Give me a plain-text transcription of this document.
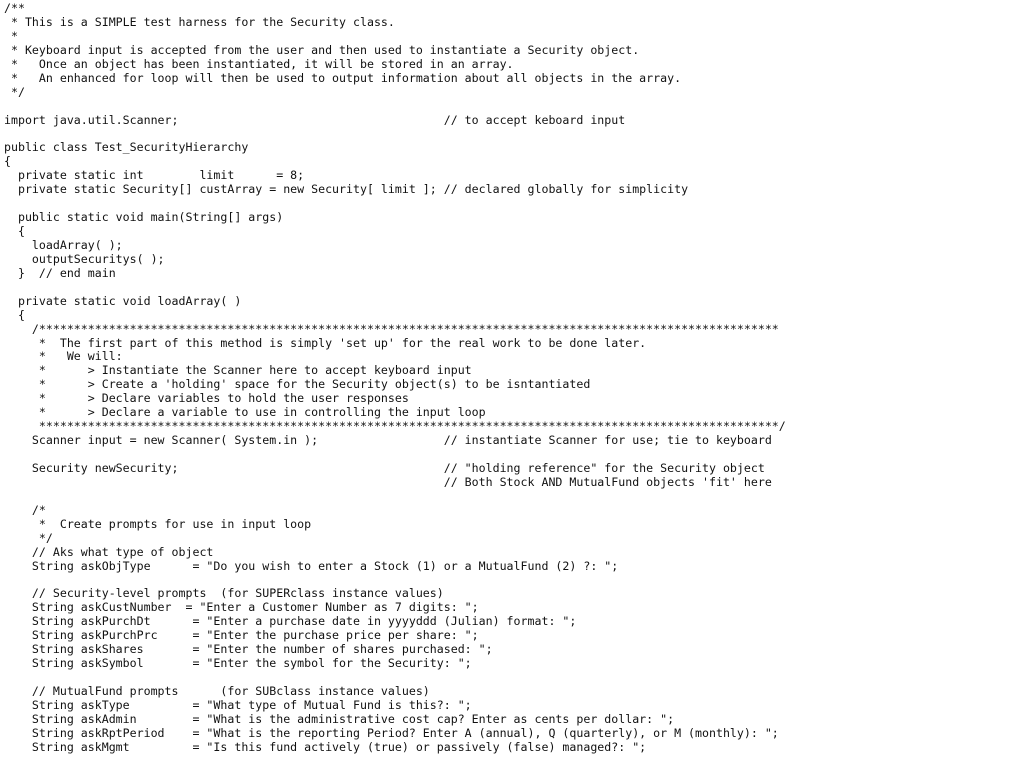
/**
* This is a SIMPLE test harness for the Security class.
*
* Keyboard input is accepted from the user and then used to instantiate a Security object.
*   Once an object has been instantiated, it will be stored in an array.
*   An enhanced for loop will then be used to output information about all objects in the array.
*/
import java.util.Scanner;                                      // to accept keboard input
public class Test_SecurityHierarchy
{
private static int        limit      = 8;
private static Security[] custArray = new Security[ limit ]; // declared globally for simplicity
public static void main(String[] args)
{
loadArray( );
outputSecuritys( );
}  // end main
private static void loadArray( )
{
/**********************************************************************************************************
*  The first part of this method is simply 'set up' for the real work to be done later.
*   We will:
*      > Instantiate the Scanner here to accept keyboard input
*      > Create a 'holding' space for the Security object(s) to be isntantiated
*      > Declare variables to hold the user responses
*      > Declare a variable to use in controlling the input loop
**********************************************************************************************************/
Scanner input = new Scanner( System.in );                  // instantiate Scanner for use; tie to keyboard
Security newSecurity;                                      // "holding reference" for the Security object
// Both Stock AND MutualFund objects 'fit' here
/*
*  Create prompts for use in input loop
*/
// Aks what type of object
String askObjType      = "Do you wish to enter a Stock (1) or a MutualFund (2) ?: ";
// Security-level prompts  (for SUPERclass instance values)
String askCustNumber  = "Enter a Customer Number as 7 digits: ";
String askPurchDt      = "Enter a purchase date in yyyyddd (Julian) format: ";
String askPurchPrc     = "Enter the purchase price per share: ";
String askShares       = "Enter the number of shares purchased: ";
String askSymbol       = "Enter the symbol for the Security: ";
// MutualFund prompts      (for SUBclass instance values)
String askType         = "What type of Mutual Fund is this?: ";
String askAdmin        = "What is the administrative cost cap? Enter as cents per dollar: ";
String askRptPeriod    = "What is the reporting Period? Enter A (annual), Q (quarterly), or M (monthly): ";
String askMgmt         = "Is this fund actively (true) or passively (false) managed?: ";
